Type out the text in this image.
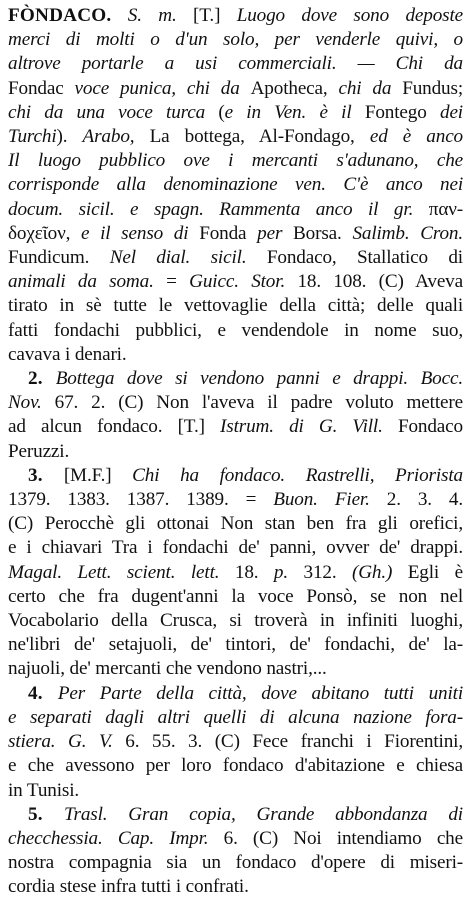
FÒNDACO. S. m. [T.] Luogo dove sono deposte
merci di molti o d'un solo, per venderle quivi, o
altrove portarle a usi commerciali. — Chi da
Fondac voce punica, chi da Apotheca, chi da Fundus;
chi da una voce turca (e in Ven. è il Fontego dei
Turchi). Arabo, La bottega, Al-Fondago, ed è anco
Il luogo pubblico ove i mercanti s'adunano, che
corrisponde alla denominazione ven. C'è anco nei
docum. sicil. e spagn. Rammenta anco il gr. παν-
δοχεῖον, e il senso di Fonda per Borsa. Salimb. Cron.
Fundicum. Nel dial. sicil. Fondaco, Stallatico di
animali da soma. = Guicc. Stor. 18. 108. (C) Aveva
tirato in sè tutte le vettovaglie della città; delle quali
fatti fondachi pubblici, e vendendole in nome suo,
cavava i denari.
2. Bottega dove si vendono panni e drappi. Bocc.
Nov. 67. 2. (C) Non l'aveva il padre voluto mettere
ad alcun fondaco. [T.] Istrum. di G. Vill. Fondaco
Peruzzi.
3. [M.F.] Chi ha fondaco. Rastrelli, Priorista
1379. 1383. 1387. 1389. = Buon. Fier. 2. 3. 4.
(C) Perocchè gli ottonai Non stan ben fra gli orefici,
e i chiavari Tra i fondachi de' panni, ovver de' drappi.
Magal. Lett. scient. lett. 18. p. 312. (Gh.) Egli è
certo che fra dugent'anni la voce Ponsò, se non nel
Vocabolario della Crusca, si troverà in infiniti luoghi,
ne'libri de' setajuoli, de' tintori, de' fondachi, de' la-
najuoli, de' mercanti che vendono nastri,...
4. Per Parte della città, dove abitano tutti uniti
e separati dagli altri quelli di alcuna nazione fora-
stiera. G. V. 6. 55. 3. (C) Fece franchi i Fiorentini,
e che avessono per loro fondaco d'abitazione e chiesa
in Tunisi.
5. Trasl. Gran copia, Grande abbondanza di
checchessia. Cap. Impr. 6. (C) Noi intendiamo che
nostra compagnia sia un fondaco d'opere di miseri-
cordia stese infra tutti i confrati.
